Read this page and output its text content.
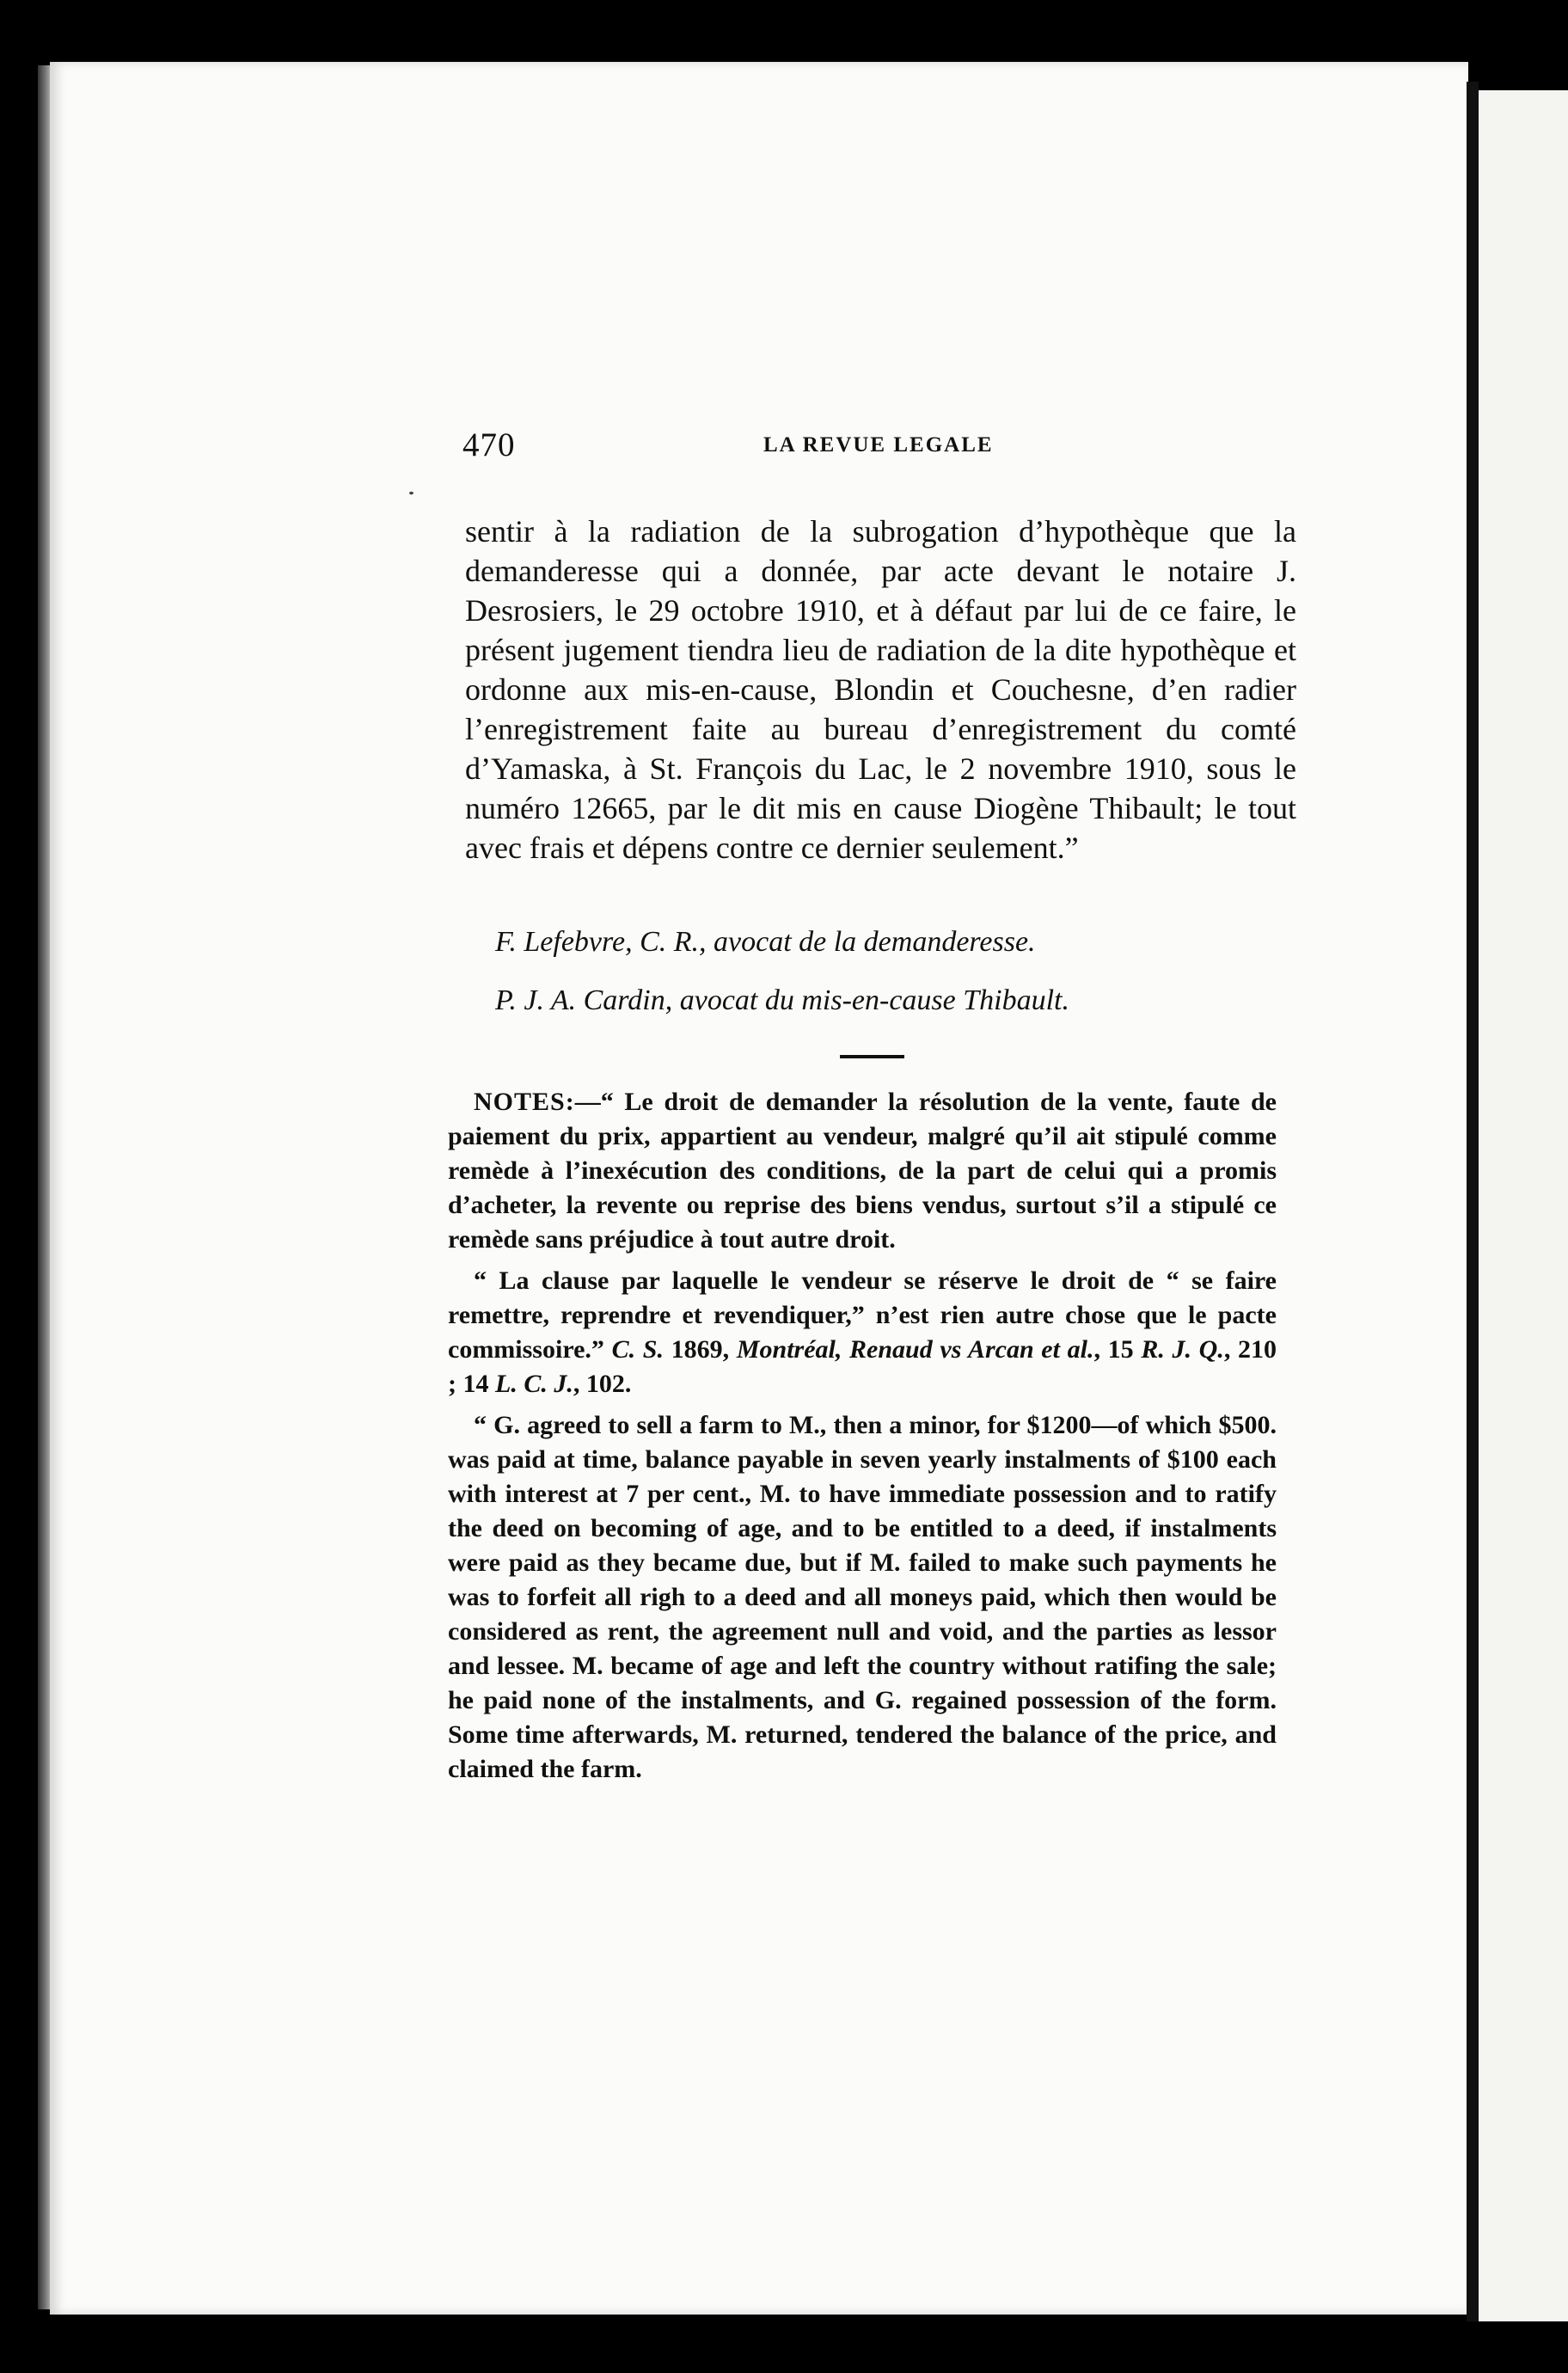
470	LA REVUE LEGALE

sentir à la radiation de la subrogation d’hypothèque que la demanderesse qui a donnée, par acte devant le notaire J. Desrosiers, le 29 octobre 1910, et à défaut par lui de ce faire, le présent jugement tiendra lieu de radiation de la dite hypothèque et ordonne aux mis-en-cause, Blondin et Couchesne, d’en radier l’enregistrement faite au bureau d’enregistrement du comté d’Yamaska, à St. François du Lac, le 2 novembre 1910, sous le numéro 12665, par le dit mis en cause Diogène Thibault; le tout avec frais et dépens contre ce dernier seulement.”

F. Lefebvre, C. R., avocat de la demanderesse.
P. J. A. Cardin, avocat du mis-en-cause Thibault.

NOTES:—“ Le droit de demander la résolution de la vente, faute de paiement du prix, appartient au vendeur, malgré qu’il ait stipulé comme remède à l’inexécution des conditions, de la part de celui qui a promis d’acheter, la revente ou reprise des biens vendus, surtout s’il a stipulé ce remède sans préjudice à tout autre droit.

“ La clause par laquelle le vendeur se réserve le droit de “ se faire remettre, reprendre et revendiquer,” n’est rien autre chose que le pacte commissoire.” C. S. 1869, Montréal, Renaud vs Arcan et al., 15 R. J. Q., 210 ; 14 L. C. J., 102.

“ G. agreed to sell a farm to M., then a minor, for $1200—of which $500. was paid at time, balance payable in seven yearly instalments of $100 each with interest at 7 per cent., M. to have immediate possession and to ratify the deed on becoming of age, and to be entitled to a deed, if instalments were paid as they became due, but if M. failed to make such payments he was to forfeit all righ to a deed and all moneys paid, which then would be considered as rent, the agreement null and void, and the parties as lessor and lessee. M. became of age and left the country without ratifing the sale; he paid none of the instalments, and G. regained possession of the form. Some time afterwards, M. returned, tendered the balance of the price, and claimed the farm.
